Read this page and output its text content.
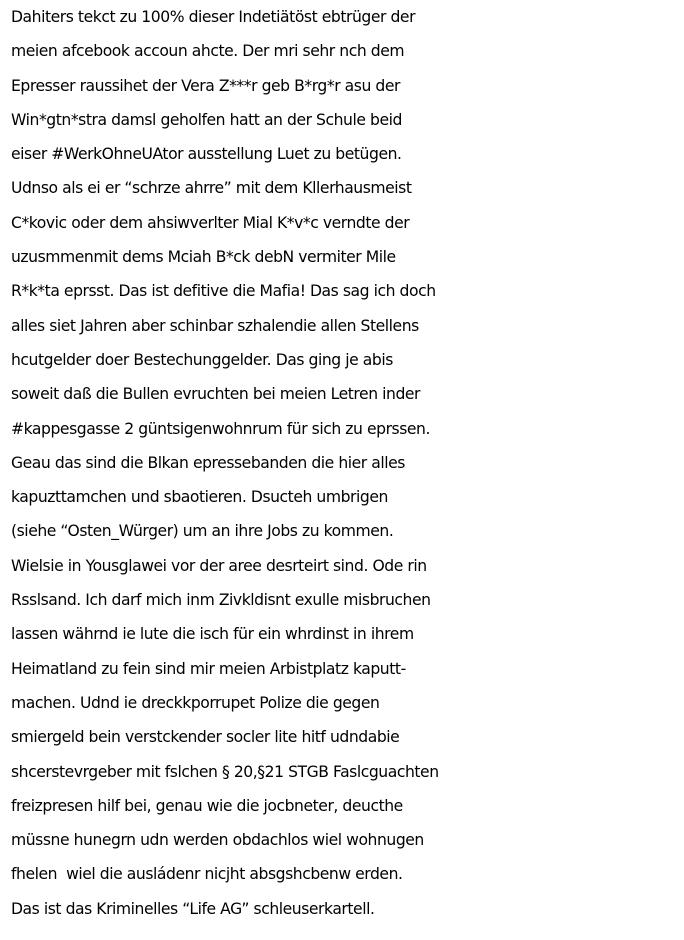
Dahiters tekct zu 100% dieser Indetiätöst ebtrüger der
meien afcebook accoun ahcte. Der mri sehr nch dem
Epresser raussihet der Vera Z***r geb B*rg*r asu der
Win*gtn*stra damsl geholfen hatt an der Schule beid
eiser #WerkOhneUAtor ausstellung Luet zu betügen.
Udnso als ei er “schrze ahrre” mit dem Kllerhausmeist
C*kovic oder dem ahsiwverlter Mial K*v*c verndte der
uzusmmenmit dems Mciah B*ck debN vermiter Mile
R*k*ta eprsst. Das ist defitive die Mafia! Das sag ich doch
alles siet Jahren aber schinbar szhalendie allen Stellens
hcutgelder doer Bestechunggelder. Das ging je abis
soweit daß die Bullen evruchten bei meien Letren inder
#kappesgasse 2 güntsigenwohnrum für sich zu eprssen.
Geau das sind die Blkan epressebanden die hier alles
kapuzttamchen und sbaotieren. Dsucteh umbrigen
(siehe “Osten_Würger) um an ihre Jobs zu kommen.
Wielsie in Yousglawei vor der aree desrteirt sind. Ode rin
Rsslsand. Ich darf mich inm Zivkldisnt exulle misbruchen
lassen währnd ie lute die isch für ein whrdinst in ihrem
Heimatland zu fein sind mir meien Arbistplatz kaputt-
machen. Udnd ie dreckkporrupet Polize die gegen
smiergeld bein verstckender socler lite hitf udndabie
shcerstevrgeber mit fslchen § 20,§21 STGB Faslcguachten
freizpresen hilf bei, genau wie die jocbneter, deucthe
müssne hunegrn udn werden obdachlos wiel wohnugen
fhelen  wiel die ausládenr nicjht absgshcbenw erden.
Das ist das Kriminelles “Life AG” schleuserkartell.
